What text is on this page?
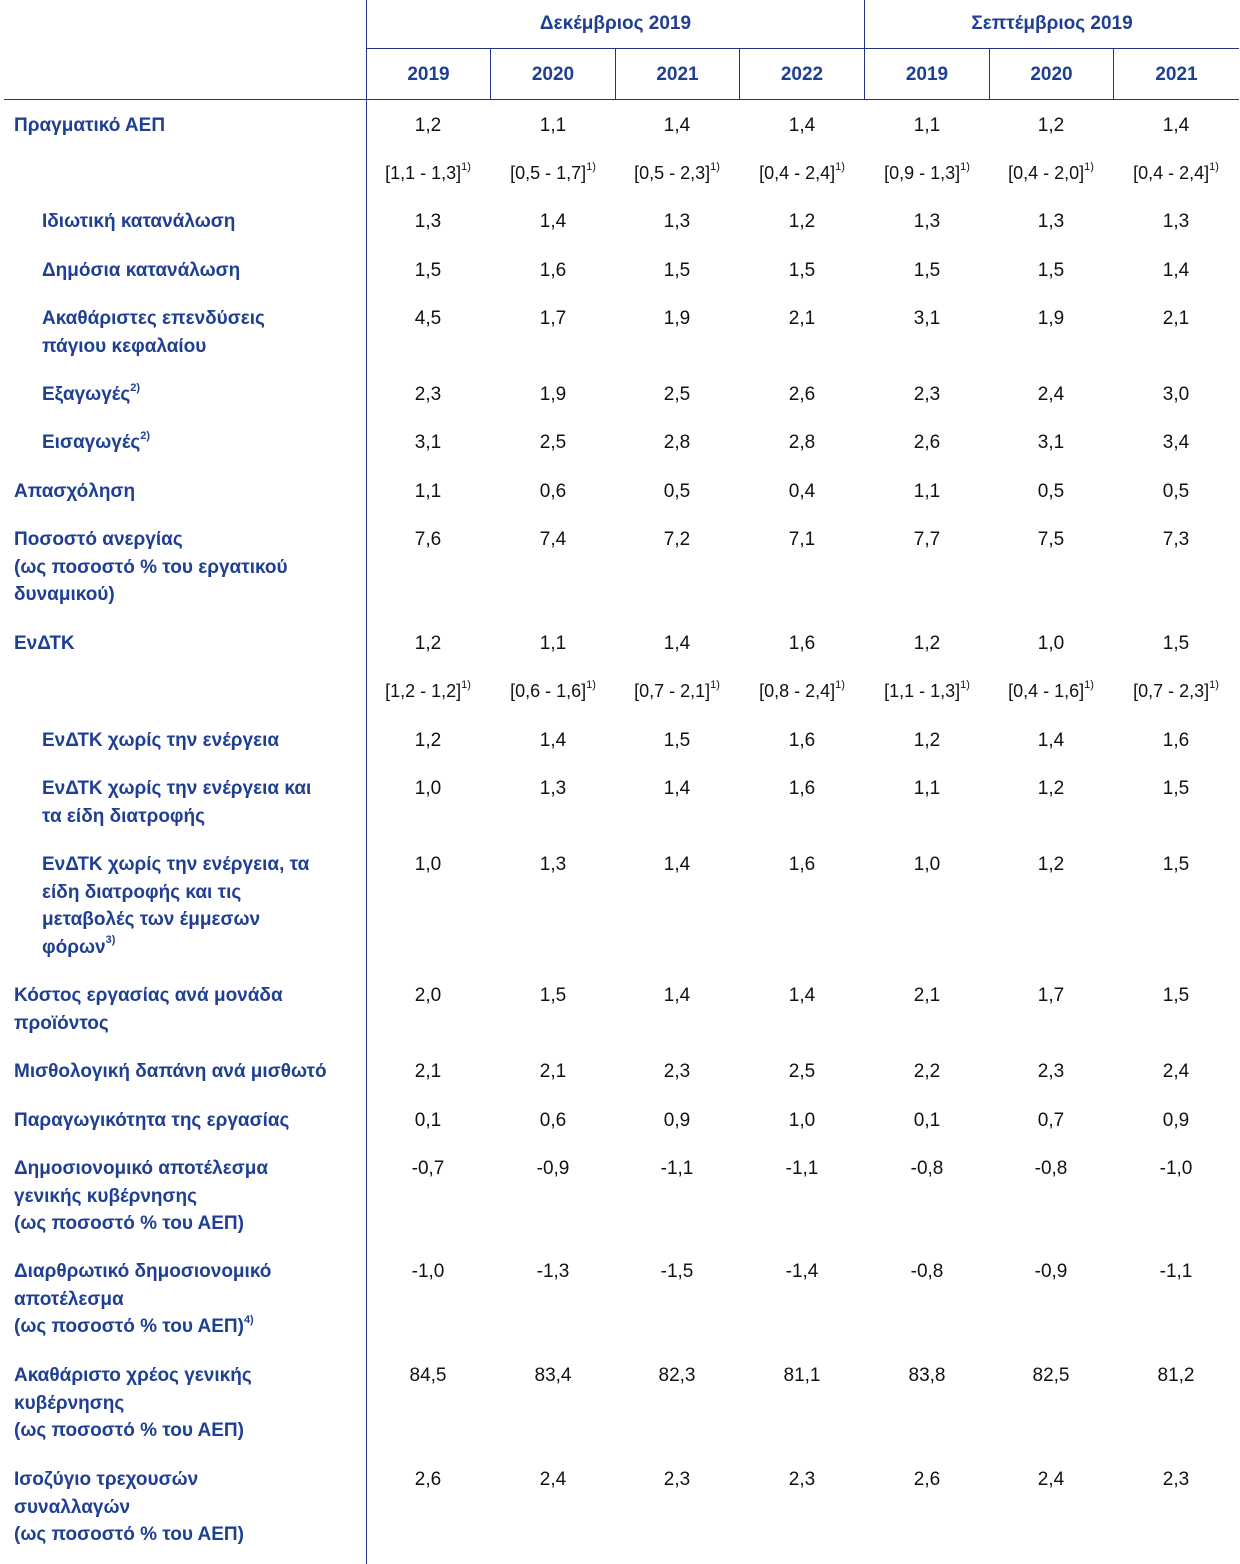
Δεκέμβριος 2019	Σεπτέμβριος 2019
2019	2020	2021	2022	2019	2020	2021
Πραγματικό ΑΕΠ	1,2	1,1	1,4	1,4	1,1	1,2	1,4
[1,1 - 1,3]$^{1)}$	[0,5 - 1,7]$^{1)}$	[0,5 - 2,3]$^{1)}$	[0,4 - 2,4]$^{1)}$	[0,9 - 1,3]$^{1)}$	[0,4 - 2,0]$^{1)}$	[0,4 - 2,4]$^{1)}$
Ιδιωτική κατανάλωση	1,3	1,4	1,3	1,2	1,3	1,3	1,3
Δημόσια κατανάλωση	1,5	1,6	1,5	1,5	1,5	1,5	1,4
Ακαθάριστες επενδύσεις
πάγιου κεφαλαίου
4,5	1,7	1,9	2,1	3,1	1,9	2,1
Εξαγωγές$^{2)}$	2,3	1,9	2,5	2,6	2,3	2,4	3,0
Εισαγωγές$^{2)}$	3,1	2,5	2,8	2,8	2,6	3,1	3,4
Απασχόληση	1,1	0,6	0,5	0,4	1,1	0,5	0,5
Ποσοστό ανεργίας
(ως ποσοστό % του εργατικού
δυναμικού)
7,6	7,4	7,2	7,1	7,7	7,5	7,3
ΕνΔΤΚ	1,2	1,1	1,4	1,6	1,2	1,0	1,5
[1,2 - 1,2]$^{1)}$	[0,6 - 1,6]$^{1)}$	[0,7 - 2,1]$^{1)}$	[0,8 - 2,4]$^{1)}$	[1,1 - 1,3]$^{1)}$	[0,4 - 1,6]$^{1)}$	[0,7 - 2,3]$^{1)}$
ΕνΔΤΚ χωρίς την ενέργεια	1,2	1,4	1,5	1,6	1,2	1,4	1,6
ΕνΔΤΚ χωρίς την ενέργεια και
τα είδη διατροφής
1,0	1,3	1,4	1,6	1,1	1,2	1,5
ΕνΔΤΚ χωρίς την ενέργεια, τα
είδη διατροφής και τις
μεταβολές των έμμεσων
φόρων$^{3)}$
1,0	1,3	1,4	1,6	1,0	1,2	1,5
Κόστος εργασίας ανά μονάδα
προϊόντος
2,0	1,5	1,4	1,4	2,1	1,7	1,5
Μισθολογική δαπάνη ανά μισθωτό	2,1	2,1	2,3	2,5	2,2	2,3	2,4
Παραγωγικότητα της εργασίας	0,1	0,6	0,9	1,0	0,1	0,7	0,9
Δημοσιονομικό αποτέλεσμα
γενικής κυβέρνησης
(ως ποσοστό % του ΑΕΠ)
-0,7	-0,9	-1,1	-1,1	-0,8	-0,8	-1,0
Διαρθρωτικό δημοσιονομικό
αποτέλεσμα
(ως ποσοστό % του ΑΕΠ)$^{4)}$
-1,0	-1,3	-1,5	-1,4	-0,8	-0,9	-1,1
Ακαθάριστο χρέος γενικής
κυβέρνησης
(ως ποσοστό % του ΑΕΠ)
84,5	83,4	82,3	81,1	83,8	82,5	81,2
Ισοζύγιο τρεχουσών
συναλλαγών
(ως ποσοστό % του ΑΕΠ)
2,6	2,4	2,3	2,3	2,6	2,4	2,3
